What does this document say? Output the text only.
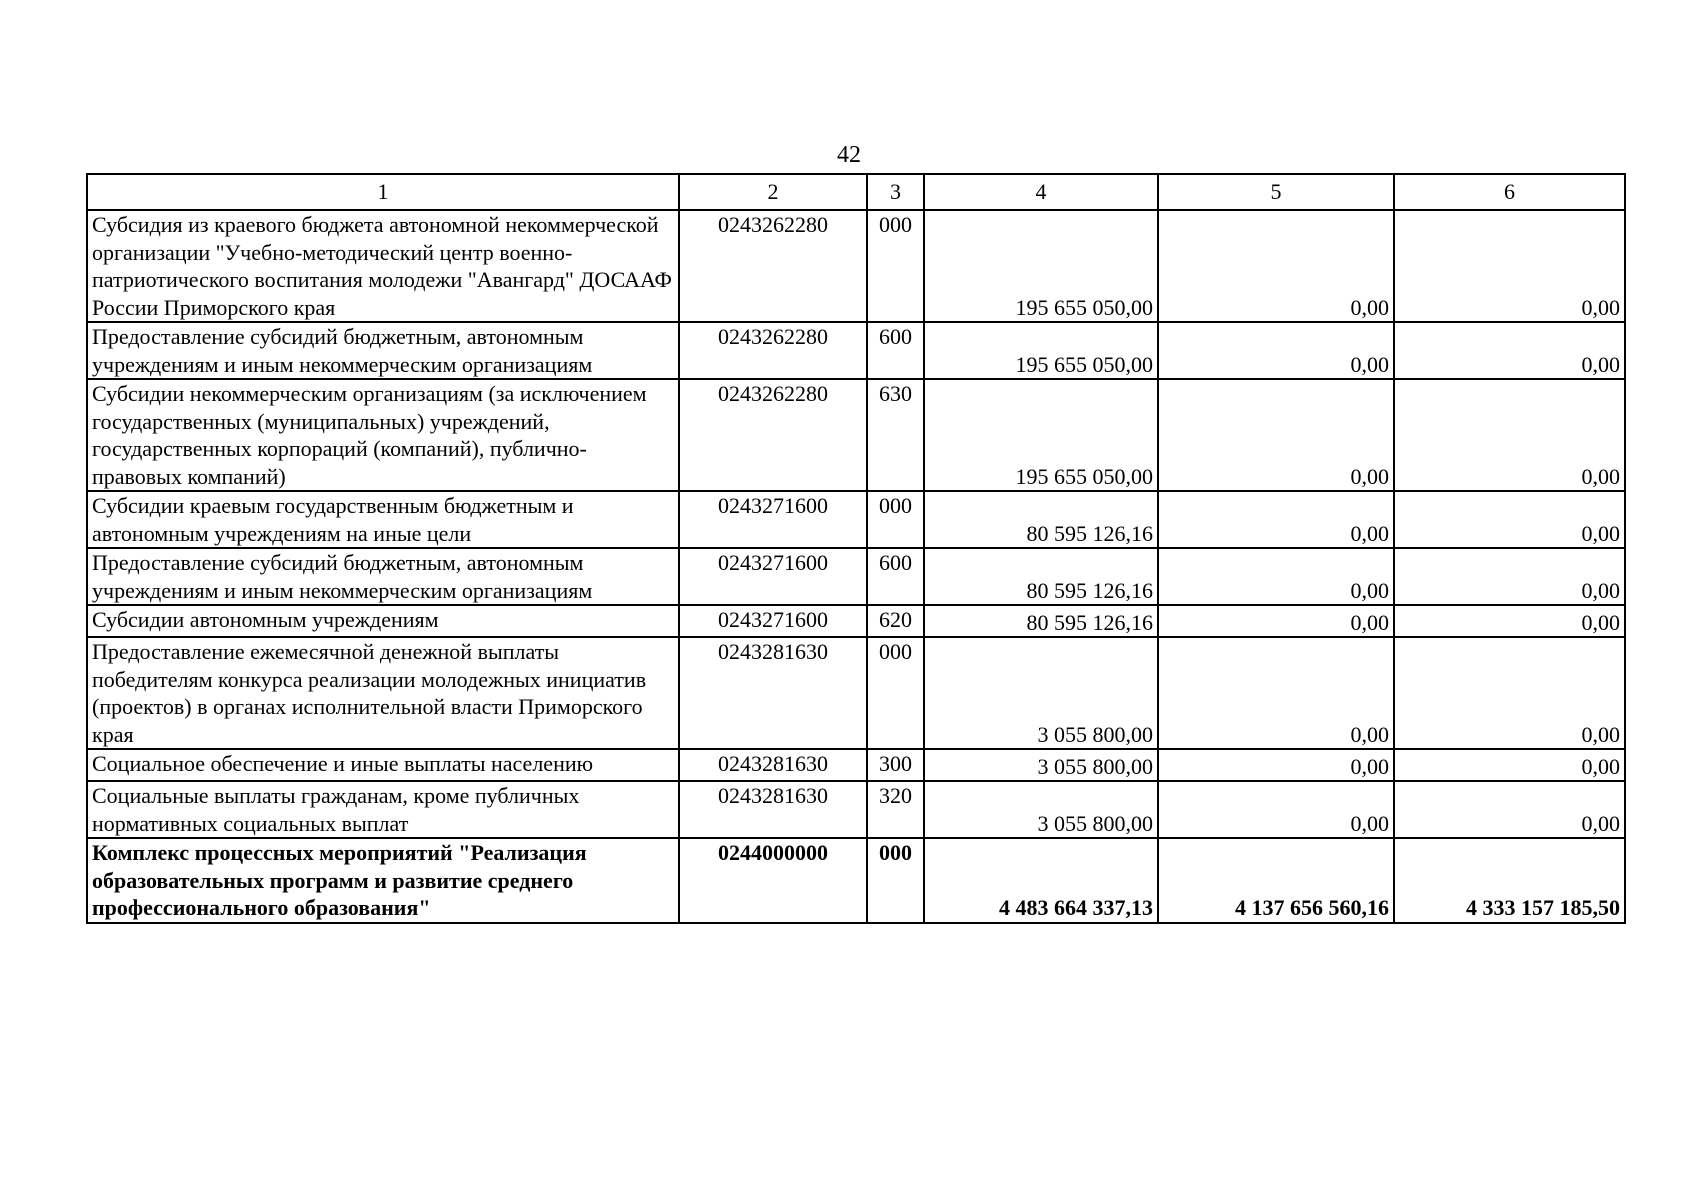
42
1	2	3	4	5	6
Субсидия из краевого бюджета автономной некоммерческой организации "Учебно-методический центр военно-патриотического воспитания молодежи "Авангард" ДОСААФ России Приморского края	0243262280	000	195 655 050,00	0,00	0,00
Предоставление субсидий бюджетным, автономным учреждениям и иным некоммерческим организациям	0243262280	600	195 655 050,00	0,00	0,00
Субсидии некоммерческим организациям (за исключением государственных (муниципальных) учреждений, государственных корпораций (компаний), публично-правовых компаний)	0243262280	630	195 655 050,00	0,00	0,00
Субсидии краевым государственным бюджетным и автономным учреждениям на иные цели	0243271600	000	80 595 126,16	0,00	0,00
Предоставление субсидий бюджетным, автономным учреждениям и иным некоммерческим организациям	0243271600	600	80 595 126,16	0,00	0,00
Субсидии автономным учреждениям	0243271600	620	80 595 126,16	0,00	0,00
Предоставление ежемесячной денежной выплаты победителям конкурса реализации молодежных инициатив (проектов) в органах исполнительной власти Приморского края	0243281630	000	3 055 800,00	0,00	0,00
Социальное обеспечение и иные выплаты населению	0243281630	300	3 055 800,00	0,00	0,00
Социальные выплаты гражданам, кроме публичных нормативных социальных выплат	0243281630	320	3 055 800,00	0,00	0,00
Комплекс процессных мероприятий "Реализация образовательных программ и развитие среднего профессионального образования"	0244000000	000	4 483 664 337,13	4 137 656 560,16	4 333 157 185,50
